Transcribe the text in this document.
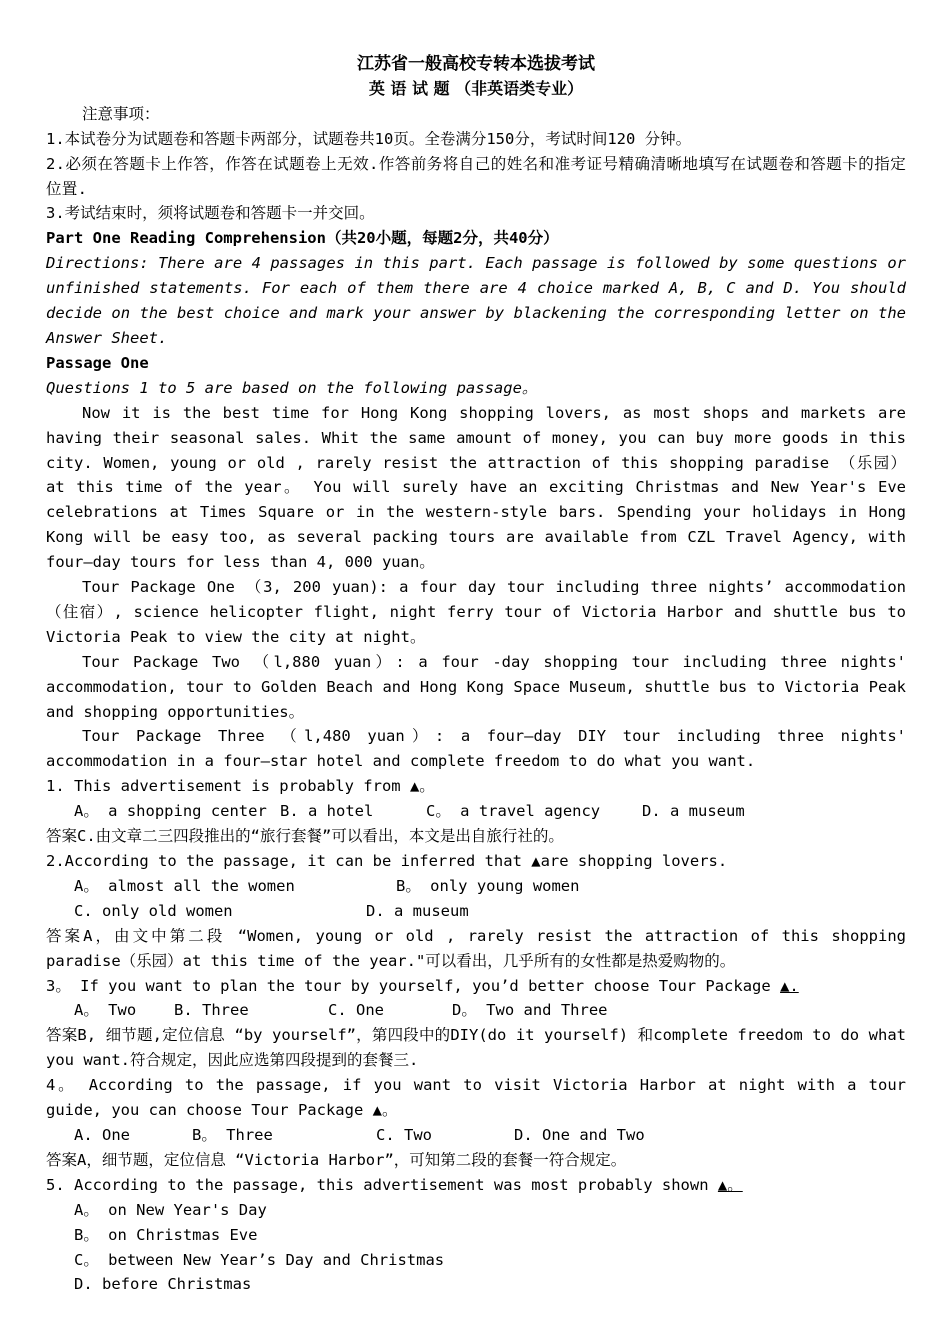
江苏省一般高校专转本选拔考试
英 语 试 题 （非英语类专业）
注意事项：
1.本试卷分为试题卷和答题卡两部分，试题卷共10页。全卷满分150分，考试时间120 分钟。
2.必须在答题卡上作答，作答在试题卷上无效.作答前务将自己的姓名和准考证号精确清晰地填写在试题卷和答题卡的指定位置.
3.考试结束时，须将试题卷和答题卡一并交回。
Part One Reading Comprehension（共20小题，每题2分，共40分）
Directions: There are 4 passages in this part. Each passage is followed by some questions or unfinished statements. For each of them there are 4 choice marked A, B, C and D. You should decide on the best choice and mark your answer by blackening the corresponding letter on the Answer Sheet.
Passage One
Questions 1 to 5 are based on the following passage。
Now it is the best time for Hong Kong shopping lovers, as most shops and markets are having their seasonal sales. Whit the same amount of money, you can buy more goods in this city. Women, young or old , rarely resist the attraction of this shopping paradise （乐园） at this time of the year。 You will surely have an exciting Christmas and New Year's Eve celebrations at Times Square or in the western-style bars. Spending your holidays in Hong Kong will be easy too, as several packing tours are available from CZL Travel Agency, with four—day tours for less than 4, 000 yuan。
Tour Package One （3, 200 yuan): a four day tour including three nights’ accommodation（住宿）, science helicopter flight, night ferry tour of Victoria Harbor and shuttle bus to Victoria Peak to view the city at night。
Tour Package Two （l,880 yuan）: a four -day shopping tour including three nights' accommodation, tour to Golden Beach and Hong Kong Space Museum, shuttle bus to Victoria Peak and shopping opportunities。
Tour Package Three （l,480 yuan）: a four—day DIY tour including three nights' accommodation in a four—star hotel and complete freedom to do what you want.
1. This advertisement is probably from ▲。
A。 a shopping center B. a hotel	C。 a travel agency	D. a museum
答案C.由文章二三四段推出的“旅行套餐”可以看出，本文是出自旅行社的。
2.According to the passage, it can be inferred that ▲are shopping lovers.
A。 almost all the women	B。 only young women
C. only old women	D. a museum
答案A，由文中第二段 “Women, young or old , rarely resist the attraction of this shopping paradise（乐园）at this time of the year."可以看出，几乎所有的女性都是热爱购物的。
3。 If you want to plan the tour by yourself, you’d better choose Tour Package ▲.
A。 Two B. Three	C. One	D。 Two and Three
答案B, 细节题,定位信息 “by yourself”，第四段中的DIY(do it yourself) 和complete freedom to do what you want.符合规定，因此应选第四段提到的套餐三.
4。 According to the passage, if you want to visit Victoria Harbor at night with a tour guide, you can choose Tour Package ▲。
A. One	B。 Three	C. Two	D. One and Two
答案A，细节题，定位信息 “Victoria Harbor”，可知第二段的套餐一符合规定。
5. According to the passage, this advertisement was most probably shown ▲。
A。 on New Year's Day
B。 on Christmas Eve
C。 between New Year’s Day and Christmas
D. before Christmas
